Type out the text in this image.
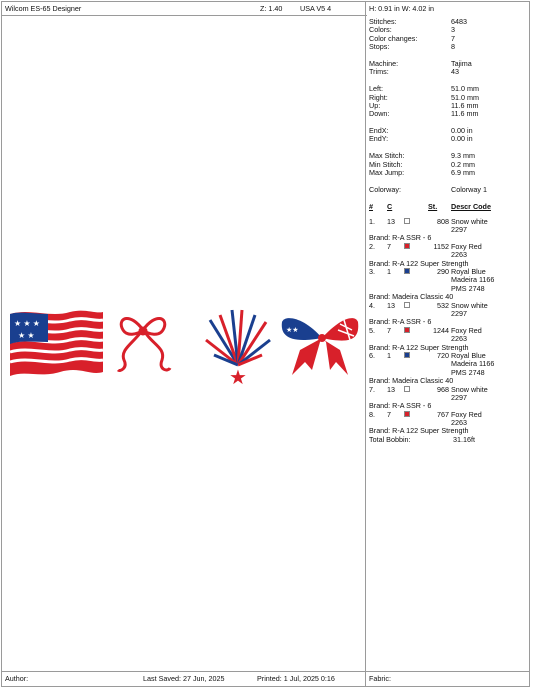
Wilcom ES-65 Designer	Z: 1.40 USA V5 4	H: 0.91 in W: 4.02 in
★ ★ ★
★ ★
★
★★
Stitches:	6483
Colors:	3
Color changes:	7
Stops:	8
Machine:	Tajima
Trims:	43
Left:	51.0 mm
Right:	51.0 mm
Up:	11.6 mm
Down:	11.6 mm
EndX:	0.00 in
EndY:	0.00 in
Max Stitch:	9.3 mm
Min Stitch:	0.2 mm
Max Jump:	6.9 mm
Colorway:	Colorway 1
# C	St. Descr Code
1. 13	808 Snow white
2297
Brand: R-A SSR - 6
2. 7	1152 Foxy Red
2263
Brand: R-A 122 Super Strength
3. 1	290 Royal Blue
Madeira 1166
PMS 2748
Brand: Madeira Classic 40
4. 13	532 Snow white
2297
Brand: R-A SSR - 6
5. 7	1244 Foxy Red
2263
Brand: R-A 122 Super Strength
6. 1	720 Royal Blue
Madeira 1166
PMS 2748
Brand: Madeira Classic 40
7. 13	968 Snow white
2297
Brand: R-A SSR - 6
8. 7	767 Foxy Red
2263
Brand: R-A 122 Super Strength
Total Bobbin:	31.16ft
Author:	Last Saved: 27 Jun, 2025	Printed: 1 Jul, 2025 0:16	Fabric:
